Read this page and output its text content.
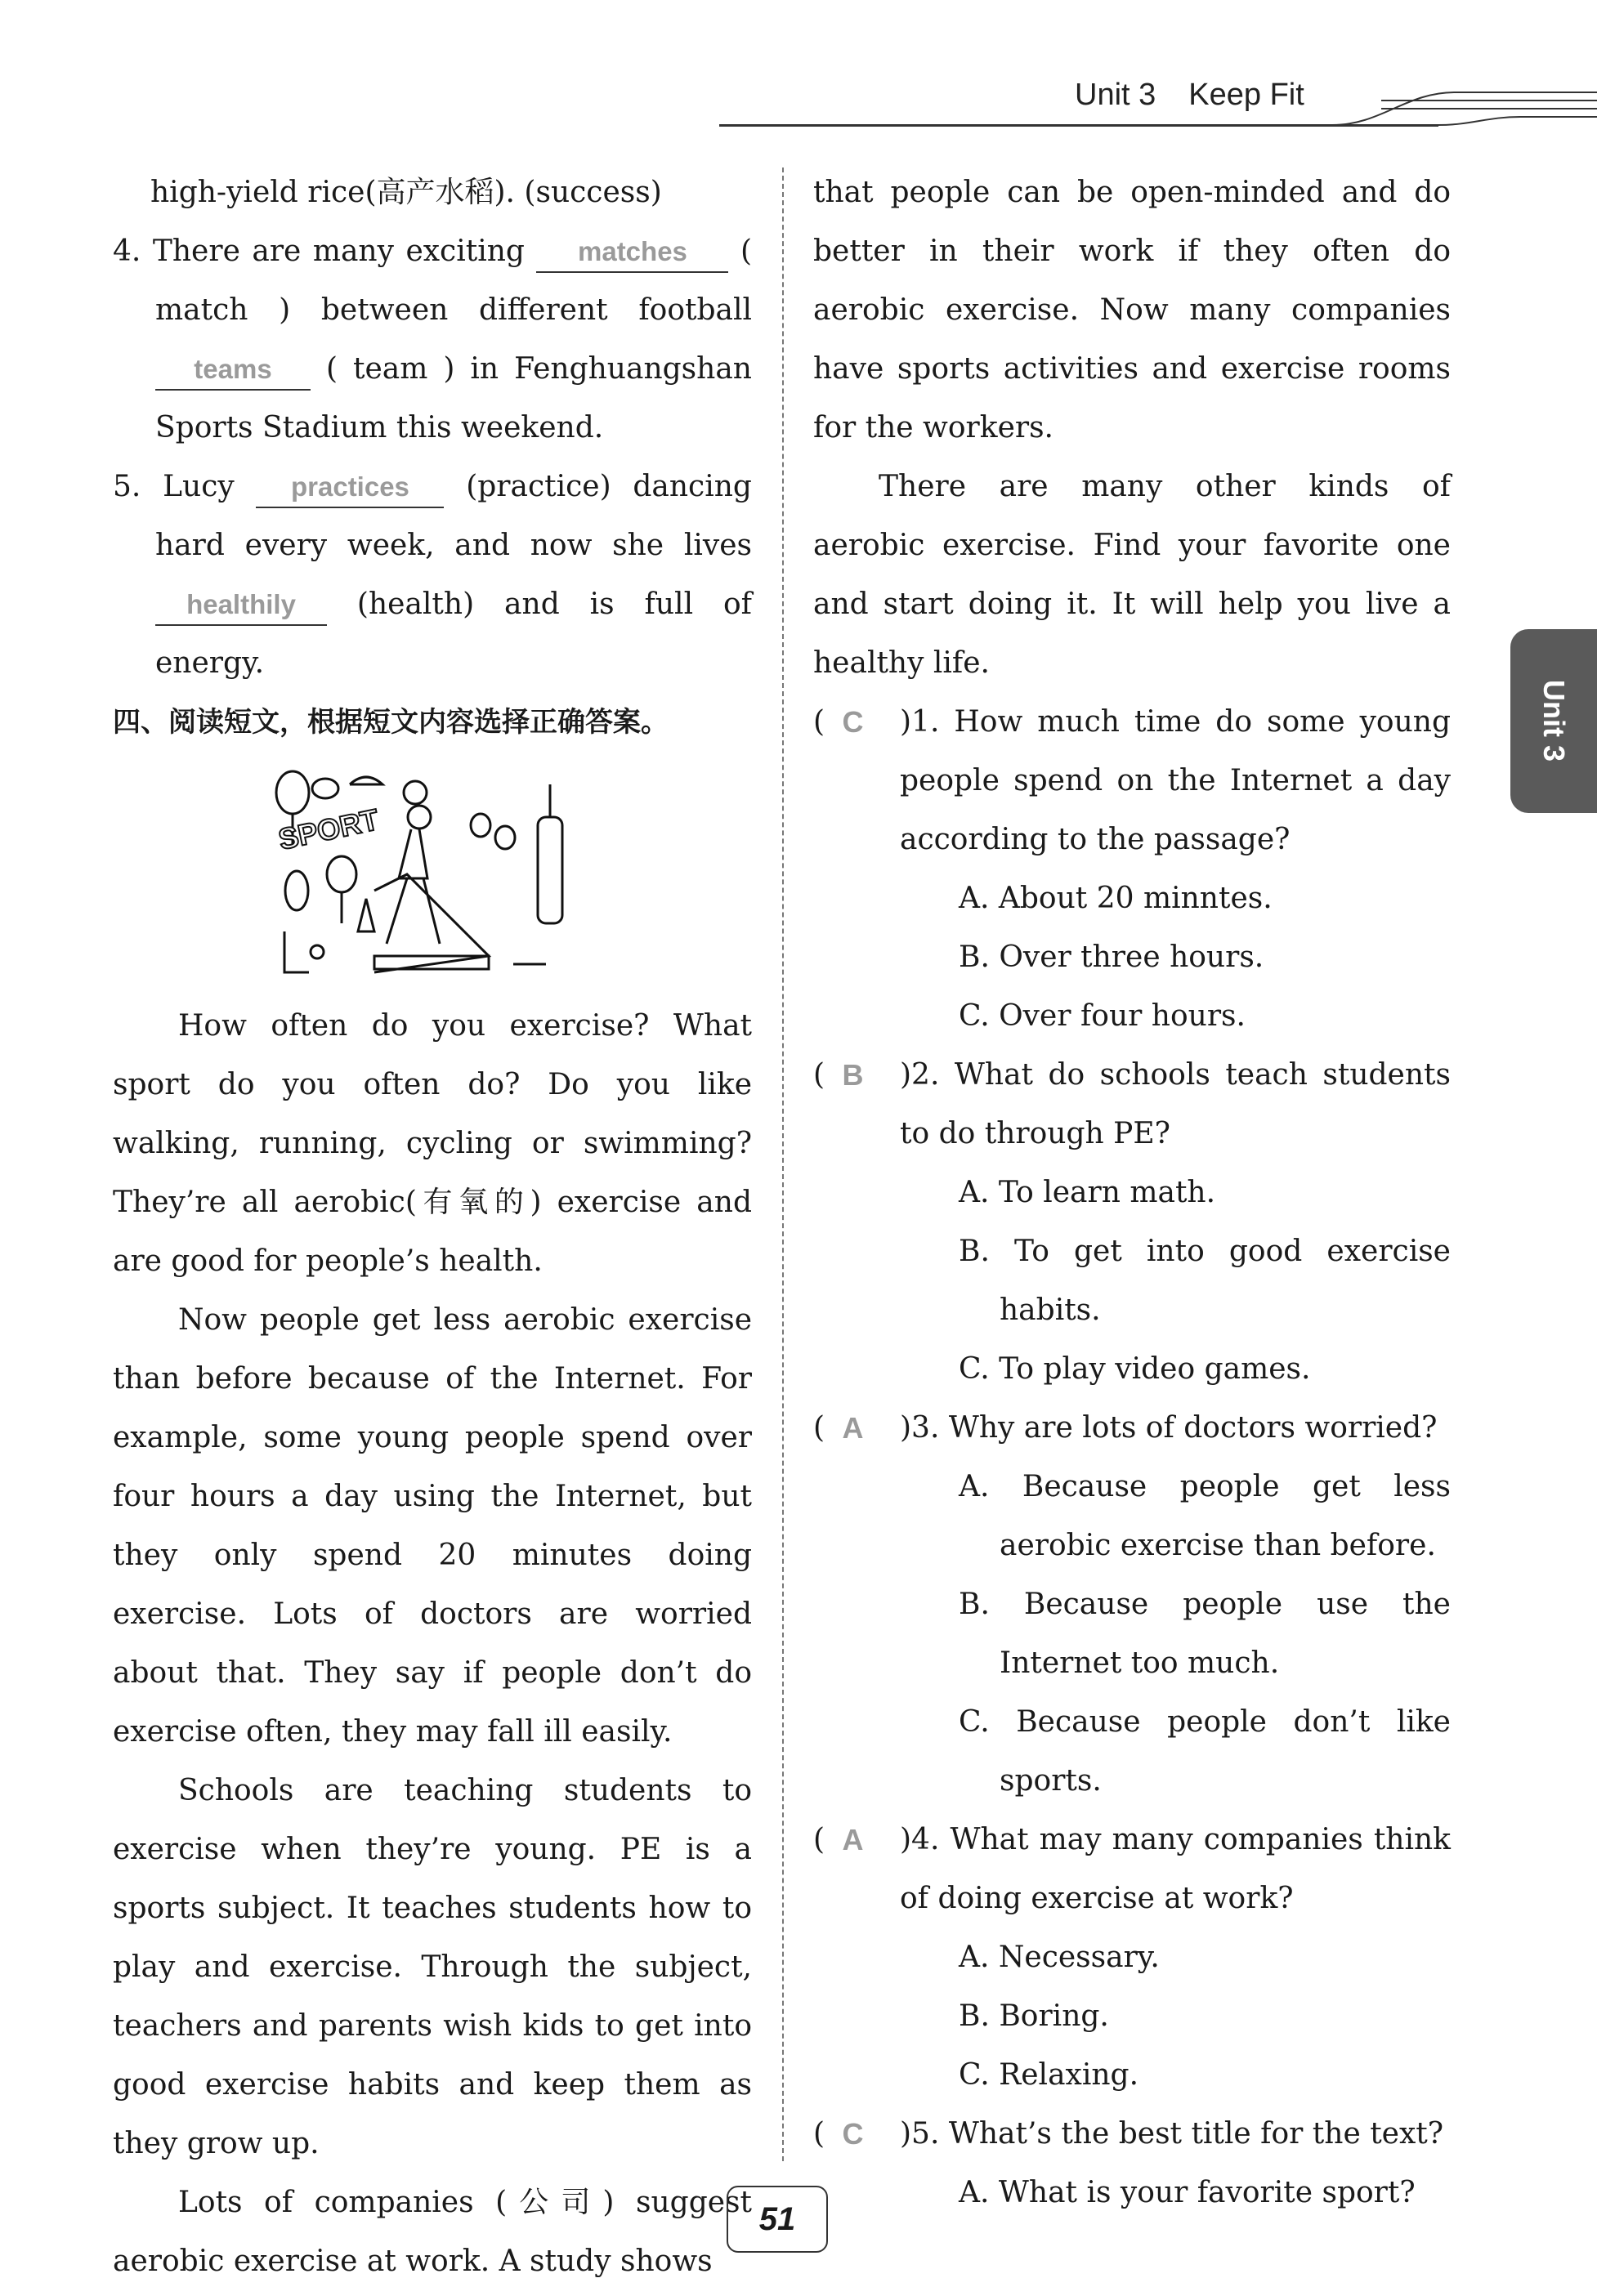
Unit 3 Keep Fit
Unit 3

high-yield rice(高产水稻). (success)

4. There are many exciting matches ( match ) between different football teams ( team ) in Fenghuangshan Sports Stadium this weekend.

5. Lucy practices (practice) dancing hard every week, and now she lives healthily (health) and is full of energy.

四、阅读短文，根据短文内容选择正确答案。

SPORT

How often do you exercise? What sport do you often do? Do you like walking, running, cycling or swimming? They’re all aerobic(有氧的) exercise and are good for people’s health.

Now people get less aerobic exercise than before because of the Internet. For example, some young people spend over four hours a day using the Internet, but they only spend 20 minutes doing exercise. Lots of doctors are worried about that. They say if people don’t do exercise often, they may fall ill easily.

Schools are teaching students to exercise when they’re young. PE is a sports subject. It teaches students how to play and exercise. Through the subject, teachers and parents wish kids to get into good exercise habits and keep them as they grow up.

Lots of companies (公司) suggest aerobic exercise at work. A study shows

that people can be open-minded and do better in their work if they often do aerobic exercise. Now many companies have sports activities and exercise rooms for the workers.

There are many other kinds of aerobic exercise. Find your favorite one and start doing it. It will help you live a healthy life.

( C )1. How much time do some young people spend on the Internet a day according to the passage?

A. About 20 minntes.

B. Over three hours.

C. Over four hours.

( B )2. What do schools teach students to do through PE?

A. To learn math.

B. To get into good exercise habits.

C. To play video games.

( A )3. Why are lots of doctors worried?

A. Because people get less aerobic exercise than before.

B. Because people use the Internet too much.

C. Because people don’t like sports.

( A )4. What may many companies think of doing exercise at work?

A. Necessary.

B. Boring.

C. Relaxing.

( C )5. What’s the best title for the text?

A. What is your favorite sport?

51
